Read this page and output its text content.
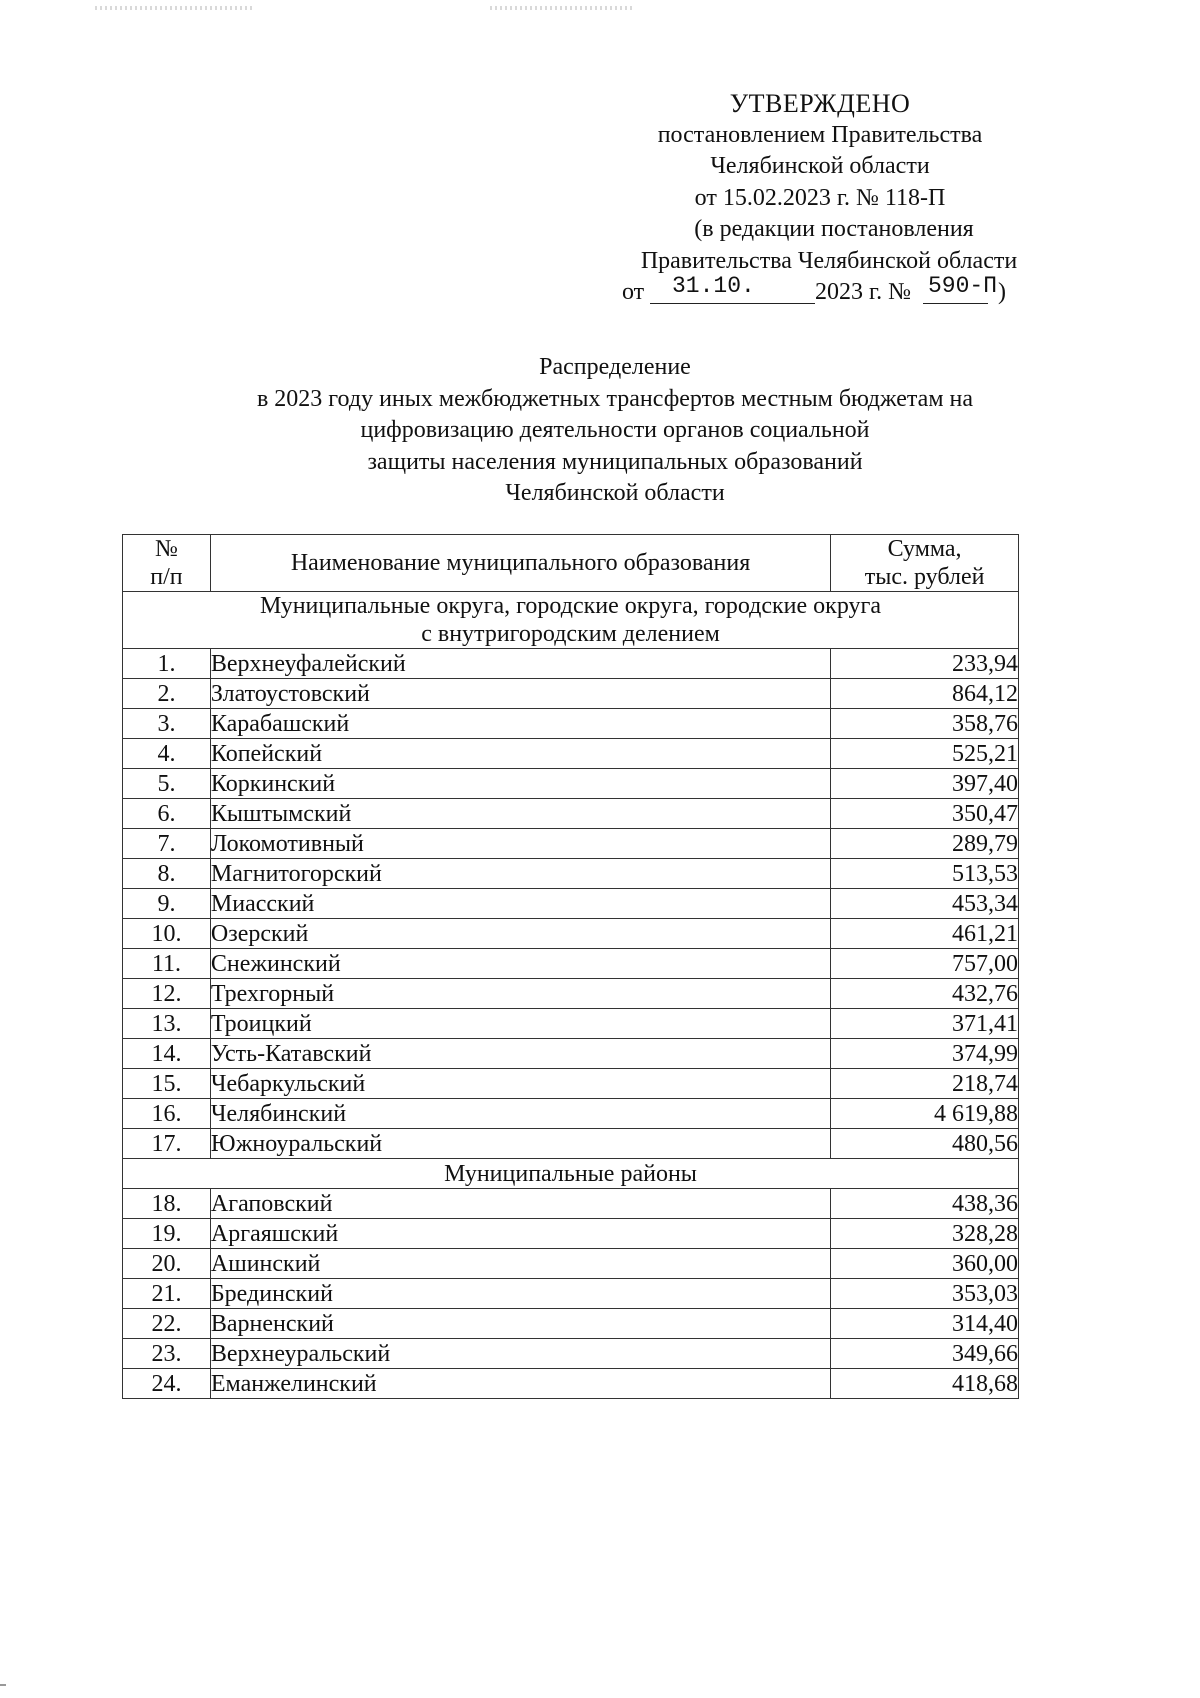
УТВЕРЖДЕНО
постановлением Правительства
Челябинской области
от 15.02.2023 г. № 118-П
(в редакции постановления
Правительства Челябинской области
от 31.10.	2023 г. № 590-П )
Распределение
в 2023 году иных межбюджетных трансфертов местным бюджетам на
цифровизацию деятельности органов социальной
защиты населения муниципальных образований
Челябинской области
№
п/п	Наименование муниципального образования	Сумма,
тыс. рублей
Муниципальные округа, городские округа, городские округа
с внутригородским делением		
1.	Верхнеуфалейский	233,94
2.	Златоустовский	864,12
3.	Карабашский	358,76
4.	Копейский	525,21
5.	Коркинский	397,40
6.	Кыштымский	350,47
7.	Локомотивный	289,79
8.	Магнитогорский	513,53
9.	Миасский	453,34
10.	Озерский	461,21
11.	Снежинский	757,00
12.	Трехгорный	432,76
13.	Троицкий	371,41
14.	Усть-Катавский	374,99
15.	Чебаркульский	218,74
16.	Челябинский	4 619,88
17.	Южноуральский	480,56
Муниципальные районы		
18.	Агаповский	438,36
19.	Аргаяшский	328,28
20.	Ашинский	360,00
21.	Брединский	353,03
22.	Варненский	314,40
23.	Верхнеуральский	349,66
24.	Еманжелинский	418,68
